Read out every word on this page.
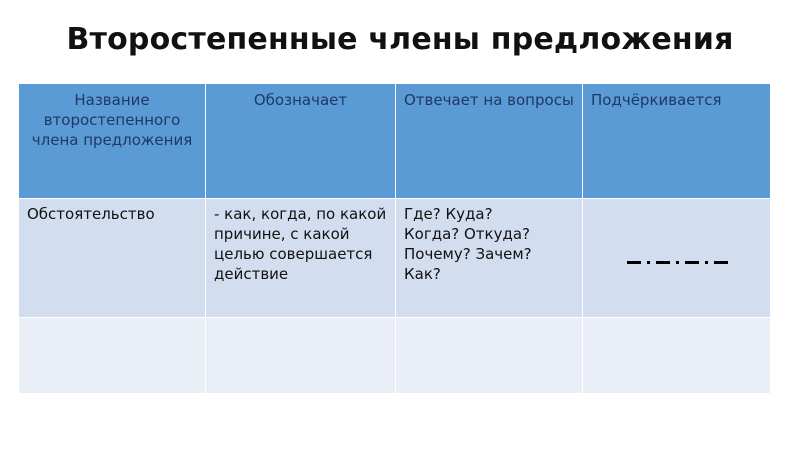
Второстепенные члены предложения
Название второстепенного члена предложения	Обозначает	Отвечает на вопросы	Подчёркивается
Обстоятельство	- как, когда, по какой причине, с какой целью совершается действие	Где? Куда?
Когда? Откуда?
Почему? Зачем?
Как?	
